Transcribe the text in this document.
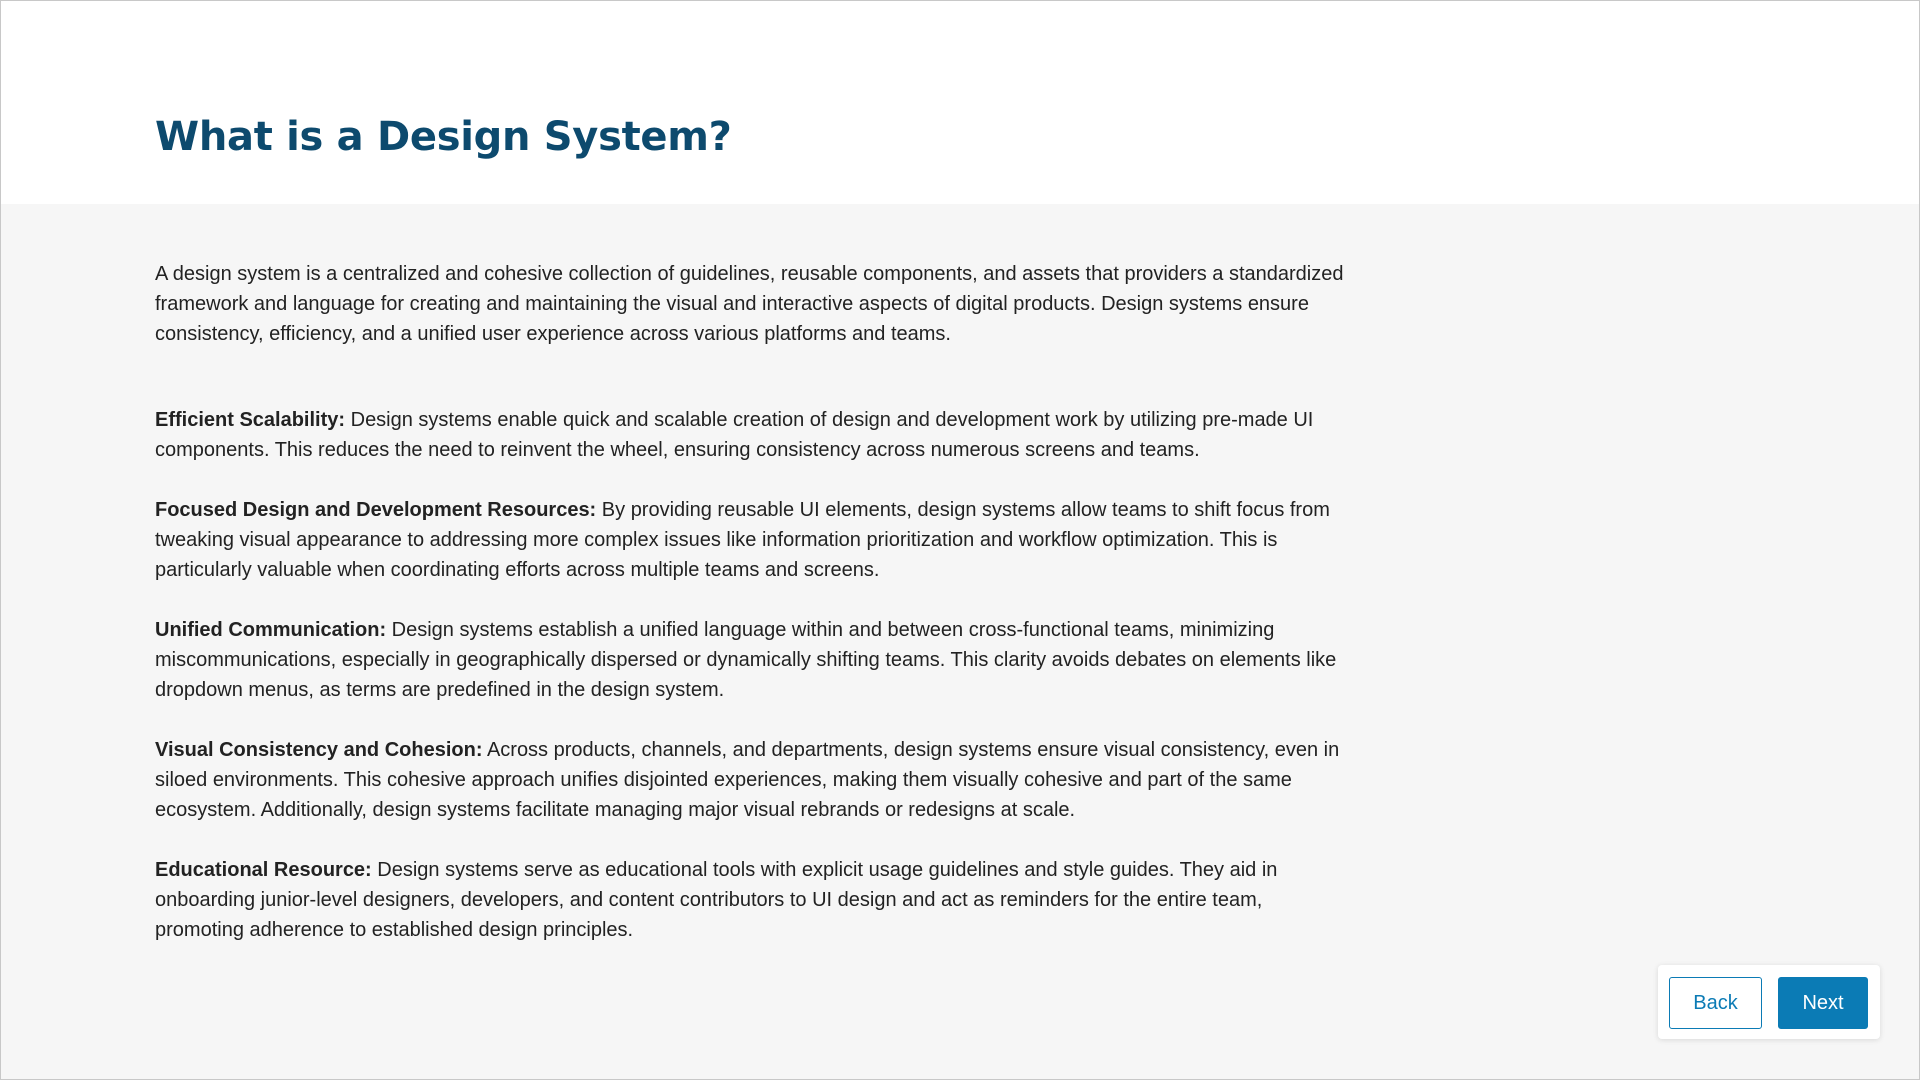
What is a Design System?

A design system is a centralized and cohesive collection of guidelines, reusable components, and assets that providers a standardized framework and language for creating and maintaining the visual and interactive aspects of digital products. Design systems ensure consistency, efficiency, and a unified user experience across various platforms and teams.

Efficient Scalability: Design systems enable quick and scalable creation of design and development work by utilizing pre-made UI components. This reduces the need to reinvent the wheel, ensuring consistency across numerous screens and teams.

Focused Design and Development Resources: By providing reusable UI elements, design systems allow teams to shift focus from tweaking visual appearance to addressing more complex issues like information prioritization and workflow optimization. This is particularly valuable when coordinating efforts across multiple teams and screens.

Unified Communication: Design systems establish a unified language within and between cross-functional teams, minimizing miscommunications, especially in geographically dispersed or dynamically shifting teams. This clarity avoids debates on elements like dropdown menus, as terms are predefined in the design system.

Visual Consistency and Cohesion: Across products, channels, and departments, design systems ensure visual consistency, even in siloed environments. This cohesive approach unifies disjointed experiences, making them visually cohesive and part of the same ecosystem. Additionally, design systems facilitate managing major visual rebrands or redesigns at scale.

Educational Resource: Design systems serve as educational tools with explicit usage guidelines and style guides. They aid in onboarding junior-level designers, developers, and content contributors to UI design and act as reminders for the entire team, promoting adherence to established design principles.

Back	Next
